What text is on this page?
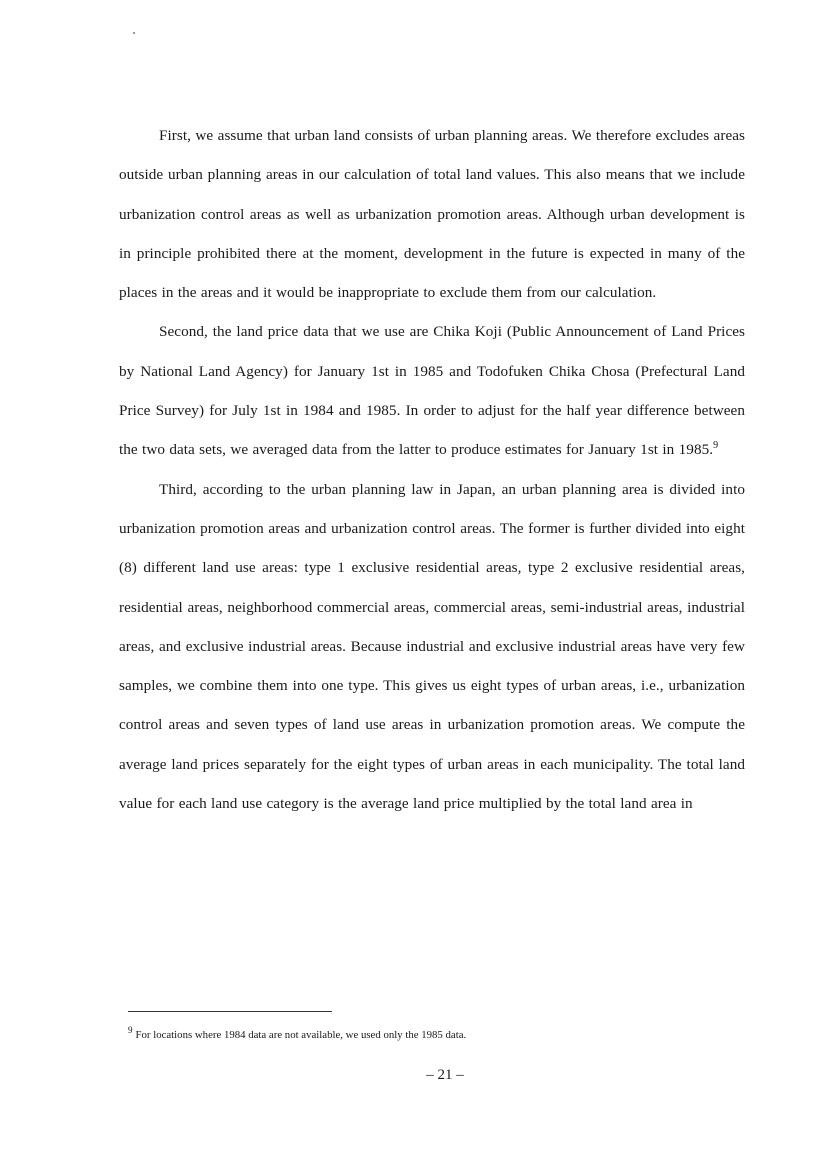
First, we assume that urban land consists of urban planning areas. We therefore excludes areas outside urban planning areas in our calculation of total land values. This also means that we include urbanization control areas as well as urbanization promotion areas. Although urban development is in principle prohibited there at the moment, development in the future is expected in many of the places in the areas and it would be inappropriate to exclude them from our calculation.

Second, the land price data that we use are Chika Koji (Public Announcement of Land Prices by National Land Agency) for January 1st in 1985 and Todofuken Chika Chosa (Prefectural Land Price Survey) for July 1st in 1984 and 1985. In order to adjust for the half year difference between the two data sets, we averaged data from the latter to produce estimates for January 1st in 1985.$^9$

Third, according to the urban planning law in Japan, an urban planning area is divided into urbanization promotion areas and urbanization control areas. The former is further divided into eight (8) different land use areas: type 1 exclusive residential areas, type 2 exclusive residential areas, residential areas, neighborhood commercial areas, commercial areas, semi-industrial areas, industrial areas, and exclusive industrial areas. Because industrial and exclusive industrial areas have very few samples, we combine them into one type. This gives us eight types of urban areas, i.e., urbanization control areas and seven types of land use areas in urbanization promotion areas. We compute the average land prices separately for the eight types of urban areas in each municipality. The total land value for each land use category is the average land price multiplied by the total land area in

$^9$ For locations where 1984 data are not available, we used only the 1985 data.
– 21 –
